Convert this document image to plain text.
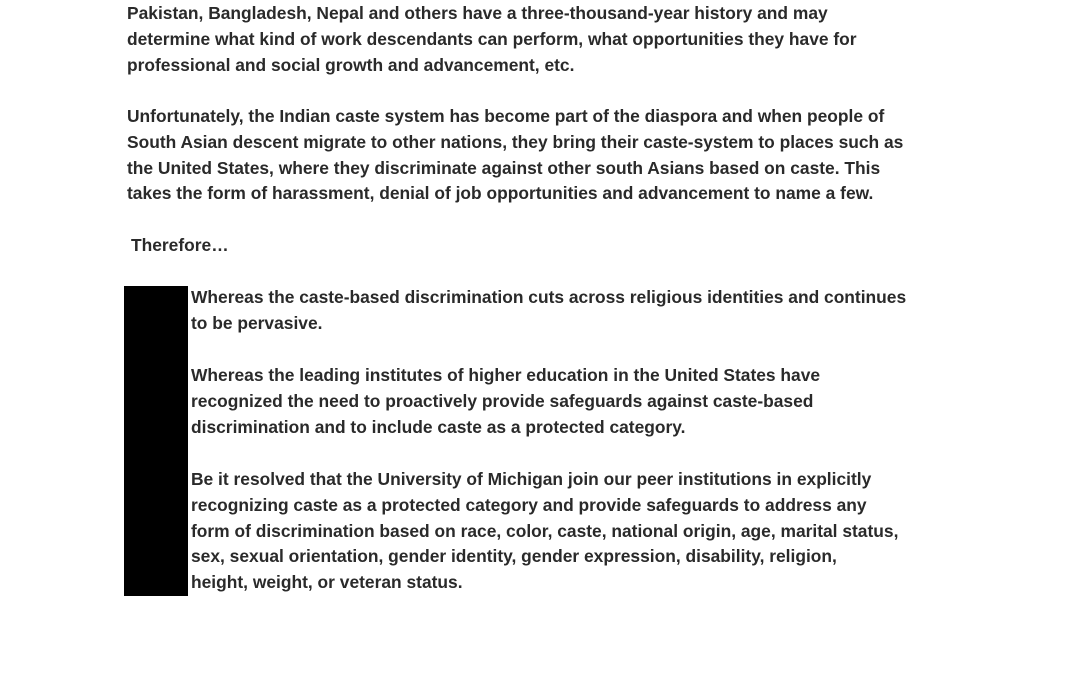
Pakistan, Bangladesh, Nepal and others have a three-thousand-year history and may
determine what kind of work descendants can perform, what opportunities they have for
professional and social growth and advancement, etc.

Unfortunately, the Indian caste system has become part of the diaspora and when people of
South Asian descent migrate to other nations, they bring their caste-system to places such as
the United States, where they discriminate against other south Asians based on caste. This
takes the form of harassment, denial of job opportunities and advancement to name a few.

Therefore…

Whereas the caste-based discrimination cuts across religious identities and continues
to be pervasive.

Whereas the leading institutes of higher education in the United States have
recognized the need to proactively provide safeguards against caste-based
discrimination and to include caste as a protected category.

Be it resolved that the University of Michigan join our peer institutions in explicitly
recognizing caste as a protected category and provide safeguards to address any
form of discrimination based on race, color, caste, national origin, age, marital status,
sex, sexual orientation, gender identity, gender expression, disability, religion,
height, weight, or veteran status.
